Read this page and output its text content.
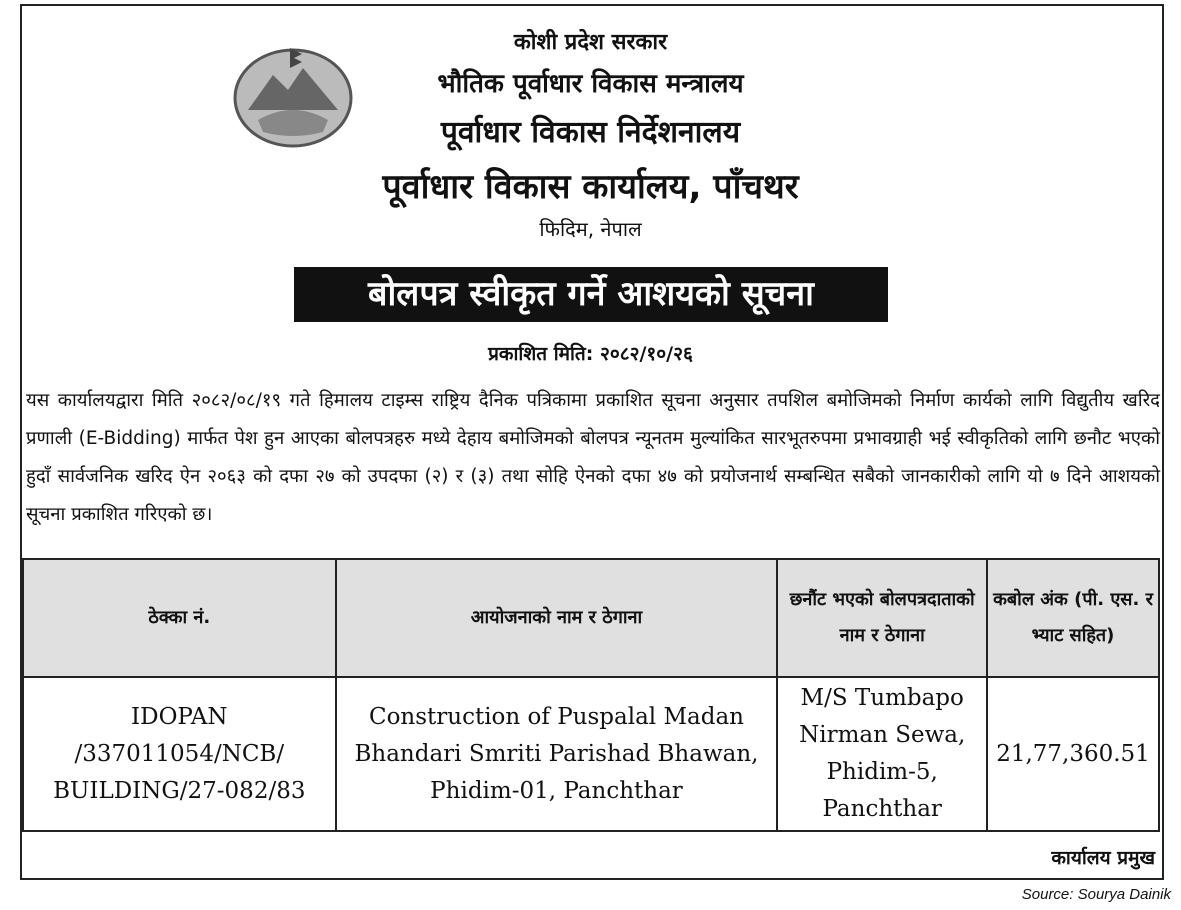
कोशी प्रदेश सरकार
भौतिक पूर्वाधार विकास मन्त्रालय
पूर्वाधार विकास निर्देशनालय
पूर्वाधार विकास कार्यालय, पाँचथर
फिदिम, नेपाल
बोलपत्र स्वीकृत गर्ने आशयको सूचना
प्रकाशित मिति: २०८२/१०/२६
यस कार्यालयद्वारा मिति २०८२/०८/१९ गते हिमालय टाइम्स राष्ट्रिय दैनिक पत्रिकामा प्रकाशित सूचना अनुसार तपशिल बमोजिमको निर्माण कार्यको लागि विद्युतीय खरिद प्रणाली (E-Bidding) मार्फत पेश हुन आएका बोलपत्रहरु मध्ये देहाय बमोजिमको बोलपत्र न्यूनतम मुल्यांकित सारभूतरुपमा प्रभावग्राही भई स्वीकृतिको लागि छनौट भएको हुदाँ सार्वजनिक खरिद ऐन २०६३ को दफा २७ को उपदफा (२) र (३) तथा सोहि ऐनको दफा ४७ को प्रयोजनार्थ सम्बन्धित सबैको जानकारीको लागि यो ७ दिने आशयको सूचना प्रकाशित गरिएको छ।
ठेक्का नं.	आयोजनाको नाम र ठेगाना	छनौंट भएको बोलपत्रदाताको नाम र ठेगाना	कबोल अंक (पी. एस. र भ्याट सहित)
IDOPAN /337011054/NCB/ BUILDING/27-082/83	Construction of Puspalal Madan Bhandari Smriti Parishad Bhawan, Phidim-01, Panchthar	M/S Tumbapo Nirman Sewa, Phidim-5, Panchthar	21,77,360.51
कार्यालय प्रमुख
Source: Sourya Dainik
